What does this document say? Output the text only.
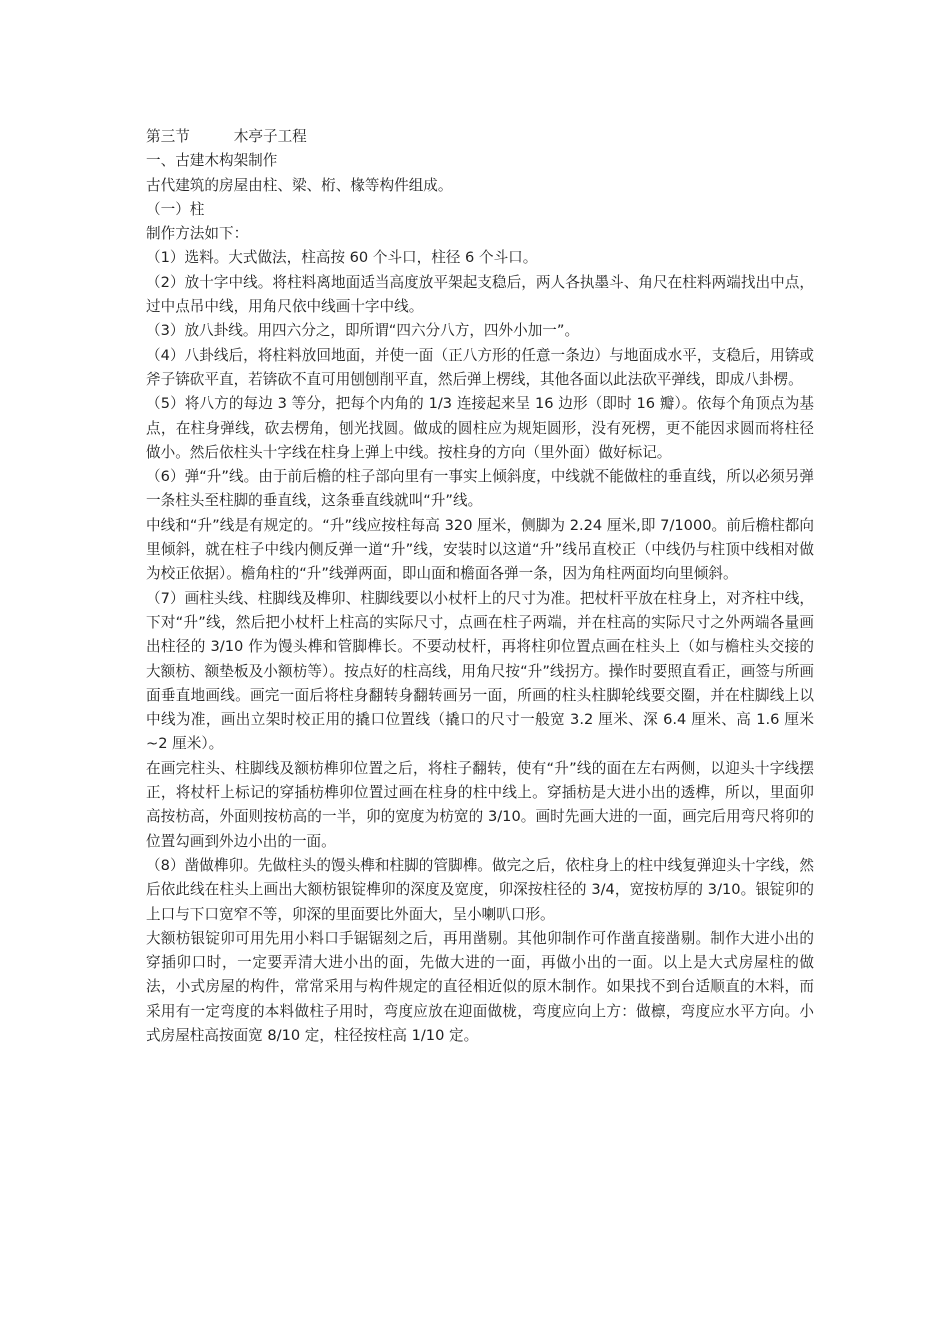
第三节	木亭子工程

一、古建木构架制作

古代建筑的房屋由柱、梁、桁、椽等构件组成。

（一）柱

制作方法如下：

（1）选料。大式做法，柱高按 60 个斗口，柱径 6 个斗口。

（2）放十字中线。将柱料离地面适当高度放平架起支稳后，两人各执墨斗、角尺在柱料两端找出中点，过中点吊中线，用角尺依中线画十字中线。

（3）放八卦线。用四六分之，即所谓“四六分八方，四外小加一”。

（4）八卦线后，将柱料放回地面，并使一面（正八方形的任意一条边）与地面成水平，支稳后，用锛或斧子锛砍平直，若锛砍不直可用刨刨削平直，然后弹上楞线，其他各面以此法砍平弹线，即成八卦楞。

（5）将八方的每边 3 等分，把每个内角的 1/3 连接起来呈 16 边形（即时 16 瓣）。依每个角顶点为基点，在柱身弹线，砍去楞角，刨光找圆。做成的圆柱应为规矩圆形，没有死楞，更不能因求圆而将柱径做小。然后依柱头十字线在柱身上弹上中线。按柱身的方向（里外面）做好标记。

（6）弹“升”线。由于前后檐的柱子部向里有一事实上倾斜度，中线就不能做柱的垂直线，所以必须另弹一条柱头至柱脚的垂直线，这条垂直线就叫“升”线。

中线和“升”线是有规定的。“升”线应按柱每高 320 厘米，侧脚为 2.24 厘米,即 7/1000。前后檐柱都向里倾斜，就在柱子中线内侧反弹一道“升”线，安装时以这道“升”线吊直校正（中线仍与柱顶中线相对做为校正依据）。檐角柱的“升”线弹两面，即山面和檐面各弹一条，因为角柱两面均向里倾斜。

（7）画柱头线、柱脚线及榫卯、柱脚线要以小杖杆上的尺寸为准。把杖杆平放在柱身上，对齐柱中线，下对“升”线，然后把小杖杆上柱高的实际尺寸，点画在柱子两端，并在柱高的实际尺寸之外两端各量画出柱径的 3/10 作为馒头榫和管脚榫长。不要动杖杆，再将柱卯位置点画在柱头上（如与檐柱头交接的大额枋、额垫板及小额枋等）。按点好的柱高线，用角尺按“升”线拐方。操作时要照直看正，画签与所画面垂直地画线。画完一面后将柱身翻转身翻转画另一面，所画的柱头柱脚轮线要交圈，并在柱脚线上以中线为准，画出立架时校正用的撬口位置线（撬口的尺寸一般宽 3.2 厘米、深 6.4 厘米、高 1.6 厘米~2 厘米）。

在画完柱头、柱脚线及额枋榫卯位置之后，将柱子翻转，使有“升”线的面在左右两侧，以迎头十字线摆正，将杖杆上标记的穿插枋榫卯位置过画在柱身的柱中线上。穿插枋是大进小出的透榫，所以，里面卯高按枋高，外面则按枋高的一半，卯的宽度为枋宽的 3/10。画时先画大进的一面，画完后用弯尺将卯的位置勾画到外边小出的一面。

（8）凿做榫卯。先做柱头的馒头榫和柱脚的管脚榫。做完之后，依柱身上的柱中线复弹迎头十字线，然后依此线在柱头上画出大额枋银锭榫卯的深度及宽度，卯深按柱径的 3/4，宽按枋厚的 3/10。银锭卯的上口与下口宽窄不等，卯深的里面要比外面大，呈小喇叭口形。

大额枋银锭卯可用先用小料口手锯锯刻之后，再用凿剔。其他卯制作可作凿直接凿剔。制作大进小出的穿插卯口时，一定要弄清大进小出的面，先做大进的一面，再做小出的一面。以上是大式房屋柱的做法，小式房屋的构件，常常采用与构件规定的直径相近似的原木制作。如果找不到台适顺直的木料，而采用有一定弯度的本料做柱子用时，弯度应放在迎面做栊，弯度应向上方：做檩，弯度应水平方向。小式房屋柱高按面宽 8/10 定，柱径按柱高 1/10 定。
